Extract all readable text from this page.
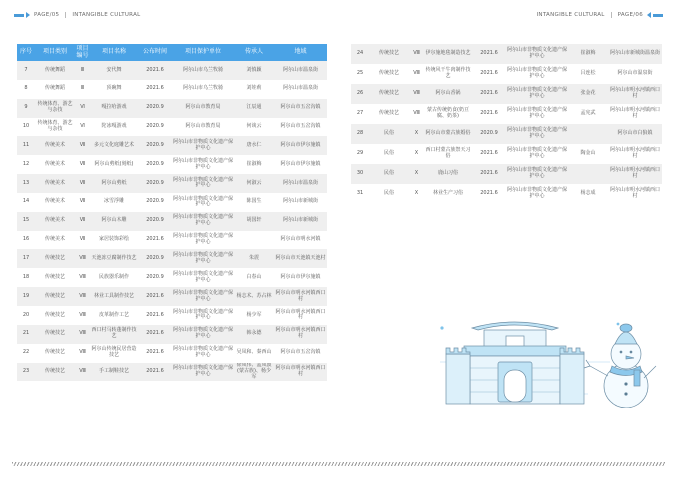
PAGE/05 INTANGIBLE CULTURAL	INTANGIBLE CULTURAL PAGE/06
序号	项目类别	项目编号	项目名称	公布时间	项目保护单位	传承人	地域
7	传统舞蹈	Ⅲ	安代舞	2021.6	阿尔山市乌兰牧骑	刘慎颖	阿尔山市温泉街
8	传统舞蹈	Ⅲ	顶碗舞	2021.6	阿尔山市乌兰牧骑	刘娃莉	阿尔山市温泉街
9	传统体育、游艺与杂技	Ⅵ	嘎拉哈游戏	2020.9	阿尔山市教育局	江辰通	阿尔山市五岔沟镇
10	传统体育、游艺与杂技	Ⅵ	陀冰嘎游戏	2020.9	阿尔山市教育局	何谈云	阿尔山市五岔沟镇
11	传统美术	Ⅶ	多元文化庭雕艺术	2020.9	阿尔山市非物质文化遗产保护中心	唐水仁	阿尔山市伊尔施镇
12	传统美术	Ⅶ	阿尔山剪纸(刻纸)	2020.9	阿尔山市非物质文化遗产保护中心	崔淑梅	阿尔山市伊尔施镇
13	传统美术	Ⅶ	阿尔山剪纸	2020.9	阿尔山市非物质文化遗产保护中心	何淑云	阿尔山市温泉街
14	传统美术	Ⅶ	冰雪浮雕	2020.9	阿尔山市非物质文化遗产保护中心	陈国生	阿尔山市新城街
15	传统美术	Ⅶ	阿尔山木雕	2020.9	阿尔山市非物质文化遗产保护中心	胡国轩	阿尔山市新城街
16	传统美术	Ⅶ	家居装饰彩绘	2021.6	阿尔山市非物质文化遗产保护中心		阿尔山市明水河镇
17	传统技艺	Ⅷ	天池冻豆腐制作技艺	2020.9	阿尔山市非物质文化遗产保护中心	朱震	阿尔山市天池镇天池村
18	传统技艺	Ⅷ	民族器乐制作	2020.9	阿尔山市非物质文化遗产保护中心	白春山	阿尔山市伊尔施镇
19	传统技艺	Ⅷ	林业工具制作技艺	2021.6	阿尔山市非物质文化遗产保护中心	杨志术、苏占林	阿尔山市明水河镇西口村
20	传统技艺	Ⅷ	皮革制作工艺	2021.6	阿尔山市非物质文化遗产保护中心	杨少军	阿尔山市明水河镇西口村
21	传统技艺	Ⅷ	西口村马转蓬制作技艺	2021.6	阿尔山市非物质文化遗产保护中心	韩永德	阿尔山市明水河镇西口村
22	传统技艺	Ⅷ	阿尔山传统民居营造技艺	2021.6	阿尔山市非物质文化遗产保护中心	吴凤和、秦西山	阿尔山市五岔沟镇
23	传统技艺	Ⅷ	手工制鞋技艺	2021.6	阿尔山市非物质文化遗产保护中心	徐凤伟、孟凤波(蒙古族)、杨少军	阿尔山市明水河镇西口村
24	传统技艺	Ⅷ	伊尔施地毯制造技艺	2021.6	阿尔山市非物质文化遗产保护中心	崔淑梅	阿尔山市新城街温泉街
25	传统技艺	Ⅷ	传统风干牛肉制作技艺	2021.6	阿尔山市非物质文化遗产保护中心	吕连松	阿尔山市温泉街
26	传统技艺	Ⅷ	阿尔山香锅	2021.6	阿尔山市非物质文化遗产保护中心	张金花	阿尔山市明水河镇西口村
27	传统技艺	Ⅷ	蒙古传统奶食(奶豆腐、奶茶)	2021.6	阿尔山市非物质文化遗产保护中心	孟宪武	阿尔山市明水河镇西口村
28	民俗	Ⅹ	阿尔山市蒙古族婚俗	2020.9	阿尔山市非物质文化遗产保护中心		阿尔山市白狼镇
29	民俗	Ⅹ	西口村蒙古族祭天习俗	2021.6	阿尔山市非物质文化遗产保护中心	陶金山	阿尔山市明水河镇西口村
30	民俗	Ⅹ	鹿山习俗	2021.6	阿尔山市非物质文化遗产保护中心		阿尔山市明水河镇西口村
31	民俗	Ⅹ	林业生产习俗	2021.6	阿尔山市非物质文化遗产保护中心	杨志成	阿尔山市明水河镇西口村
